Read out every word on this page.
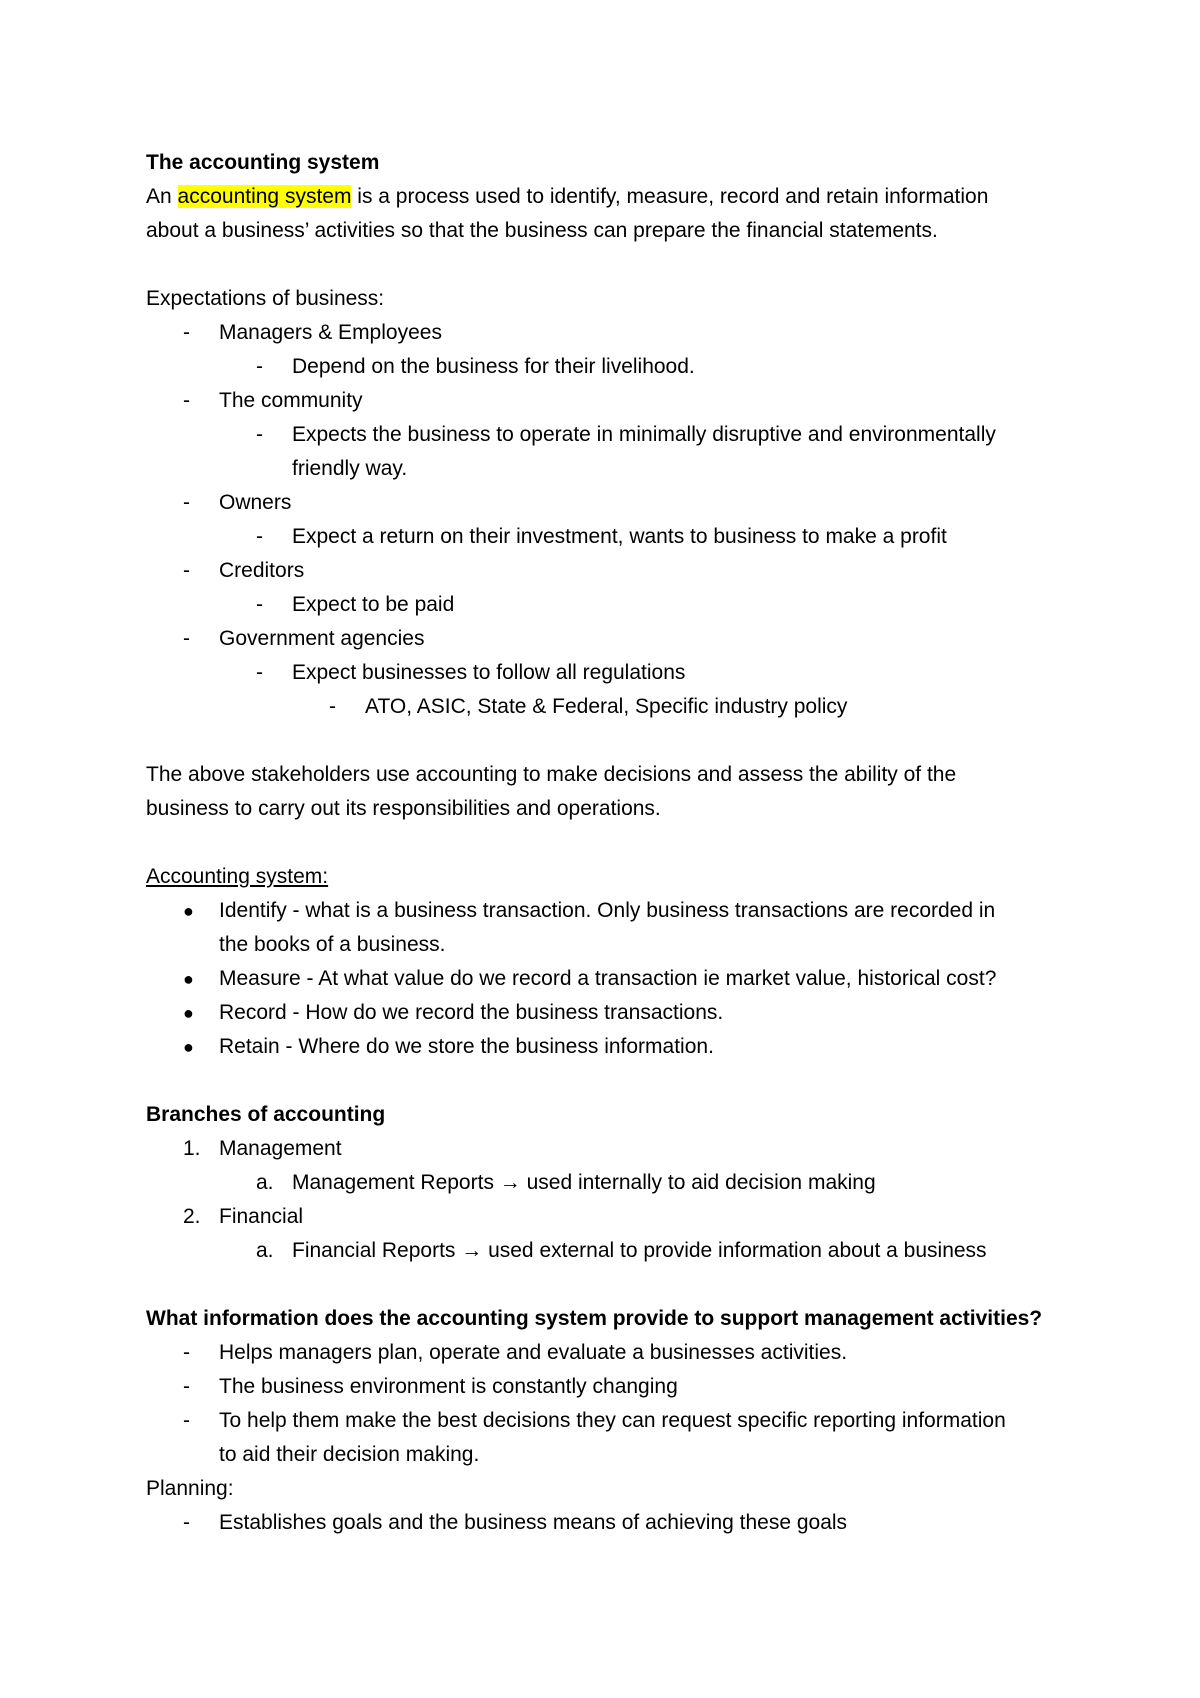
The accounting system
An accounting system is a process used to identify, measure, record and retain information
about a business’ activities so that the business can prepare the financial statements.
Expectations of business:
- Managers & Employees
- Depend on the business for their livelihood.
- The community
- Expects the business to operate in minimally disruptive and environmentally
friendly way.
- Owners
- Expect a return on their investment, wants to business to make a profit
- Creditors
- Expect to be paid
- Government agencies
- Expect businesses to follow all regulations
- ATO, ASIC, State & Federal, Specific industry policy
The above stakeholders use accounting to make decisions and assess the ability of the
business to carry out its responsibilities and operations.
Accounting system:
● Identify - what is a business transaction. Only business transactions are recorded in
the books of a business.
● Measure - At what value do we record a transaction ie market value, historical cost?
● Record - How do we record the business transactions.
● Retain - Where do we store the business information.
Branches of accounting
1. Management
a. Management Reports → used internally to aid decision making
2. Financial
a. Financial Reports → used external to provide information about a business
What information does the accounting system provide to support management activities?
- Helps managers plan, operate and evaluate a businesses activities.
- The business environment is constantly changing
- To help them make the best decisions they can request specific reporting information
to aid their decision making.
Planning:
- Establishes goals and the business means of achieving these goals
